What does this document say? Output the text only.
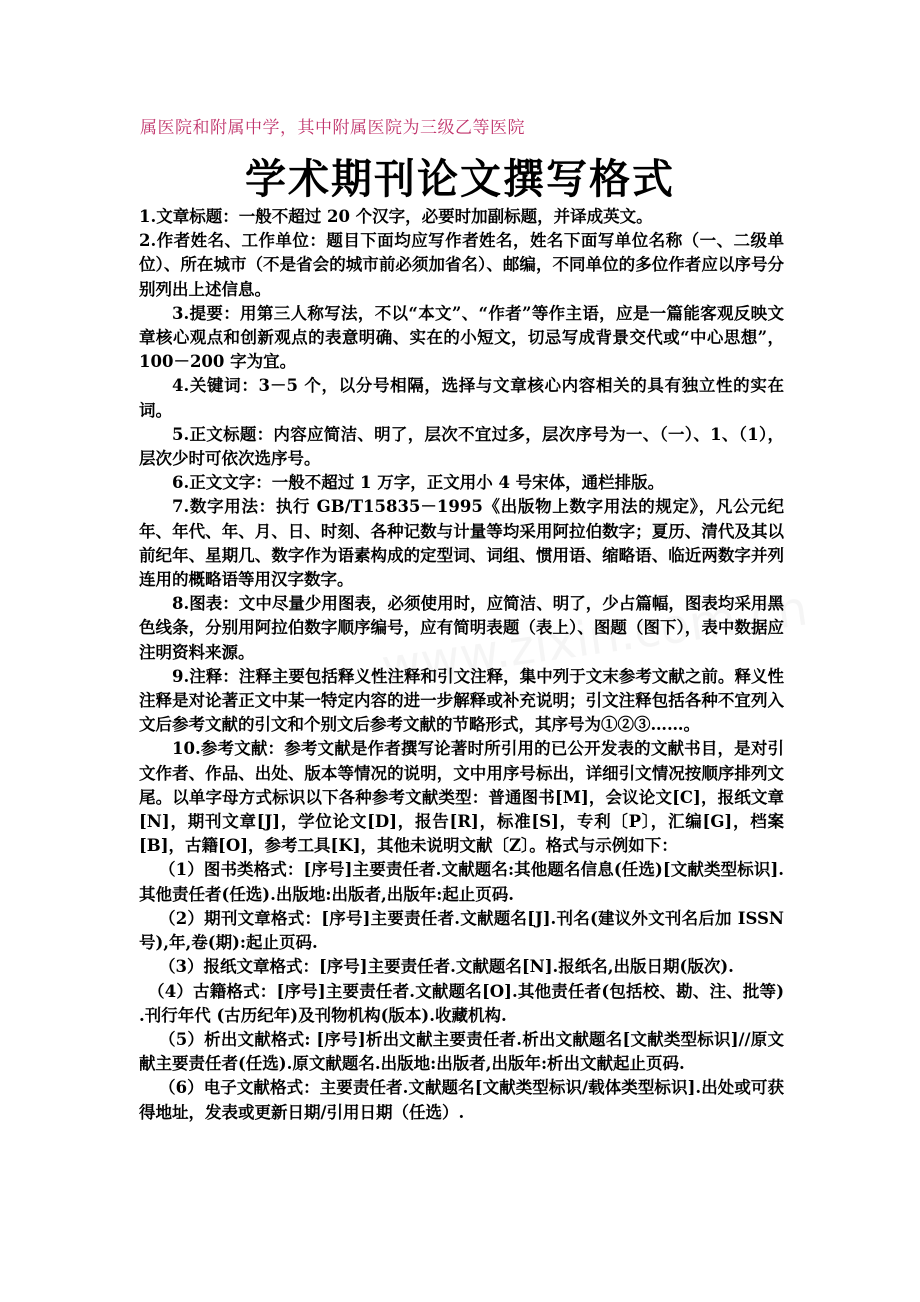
属医院和附属中学，其中附属医院为三级乙等医院
学术期刊论文撰写格式

1.文章标题：一般不超过 20 个汉字，必要时加副标题，并译成英文。

2.作者姓名、工作单位：题目下面均应写作者姓名，姓名下面写单位名称（一、二级单位）、所在城市（不是省会的城市前必须加省名）、邮编，不同单位的多位作者应以序号分别列出上述信息。

3.提要：用第三人称写法，不以“本文”、“作者”等作主语，应是一篇能客观反映文章核心观点和创新观点的表意明确、实在的小短文，切忌写成背景交代或“中心思想”，100－200 字为宜。

4.关键词：3－5 个，以分号相隔，选择与文章核心内容相关的具有独立性的实在词。

5.正文标题：内容应简洁、明了，层次不宜过多，层次序号为一、（一）、1、（1），层次少时可依次选序号。

6.正文文字：一般不超过 1 万字，正文用小 4 号宋体，通栏排版。

7.数字用法：执行 GB/T15835－1995《出版物上数字用法的规定》，凡公元纪年、年代、年、月、日、时刻、各种记数与计量等均采用阿拉伯数字；夏历、清代及其以前纪年、星期几、数字作为语素构成的定型词、词组、惯用语、缩略语、临近两数字并列连用的概略语等用汉字数字。

8.图表：文中尽量少用图表，必须使用时，应简洁、明了，少占篇幅，图表均采用黑色线条，分别用阿拉伯数字顺序编号，应有简明表题（表上）、图题（图下），表中数据应注明资料来源。

9.注释：注释主要包括释义性注释和引文注释，集中列于文末参考文献之前。释义性注释是对论著正文中某一特定内容的进一步解释或补充说明；引文注释包括各种不宜列入文后参考文献的引文和个别文后参考文献的节略形式，其序号为①②③……。

10.参考文献：参考文献是作者撰写论著时所引用的已公开发表的文献书目，是对引文作者、作品、出处、版本等情况的说明，文中用序号标出，详细引文情况按顺序排列文尾。以单字母方式标识以下各种参考文献类型：普通图书[M]，会议论文[C]，报纸文章[N]，期刊文章[J]，学位论文[D]，报告[R]，标准[S]，专利〔P〕，汇编[G]，档案[B]，古籍[O]，参考工具[K]，其他未说明文献〔Z〕。格式与示例如下：

（1）图书类格式：[序号]主要责任者.文献题名:其他题名信息(任选)[文献类型标识].其他责任者(任选).出版地:出版者,出版年:起止页码.

（2）期刊文章格式：[序号]主要责任者.文献题名[J].刊名(建议外文刊名后加 ISSN 号),年,卷(期):起止页码.

（3）报纸文章格式：[序号]主要责任者.文献题名[N].报纸名,出版日期(版次).

（4）古籍格式：[序号]主要责任者.文献题名[O].其他责任者(包括校、勘、注、批等) .刊行年代 (古历纪年)及刊物机构(版本).收藏机构.

（5）析出文献格式: [序号]析出文献主要责任者.析出文献题名[文献类型标识]//原文献主要责任者(任选).原文献题名.出版地:出版者,出版年:析出文献起止页码.

（6）电子文献格式：主要责任者.文献题名[文献类型标识/载体类型标识].出处或可获得地址，发表或更新日期/引用日期（任选）.
